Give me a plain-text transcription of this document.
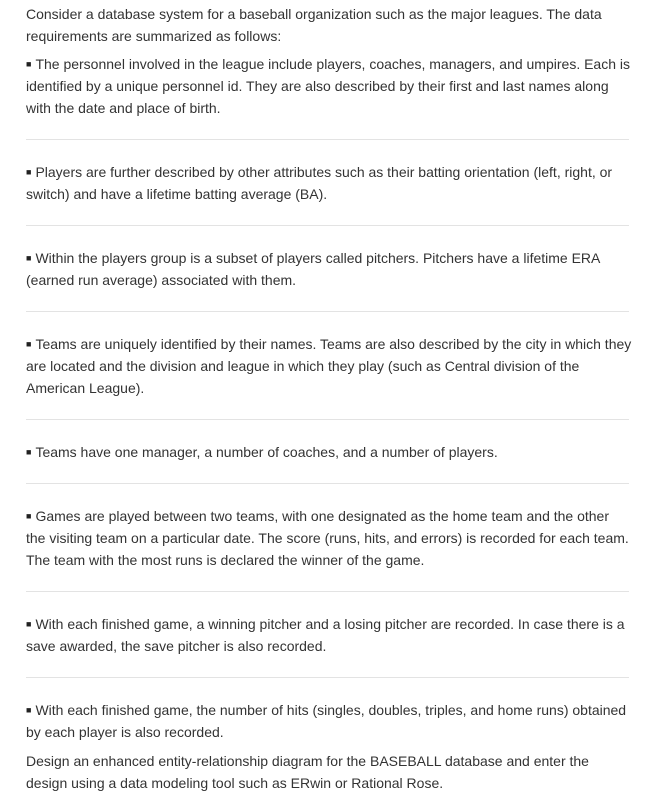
Consider a database system for a baseball organization such as the major leagues. The data requirements are summarized as follows:

■ The personnel involved in the league include players, coaches, managers, and umpires. Each is identified by a unique personnel id. They are also described by their first and last names along with the date and place of birth.

■ Players are further described by other attributes such as their batting orientation (left, right, or switch) and have a lifetime batting average (BA).

■ Within the players group is a subset of players called pitchers. Pitchers have a lifetime ERA (earned run average) associated with them.

■ Teams are uniquely identified by their names. Teams are also described by the city in which they are located and the division and league in which they play (such as Central division of the American League).

■ Teams have one manager, a number of coaches, and a number of players.

■ Games are played between two teams, with one designated as the home team and the other the visiting team on a particular date. The score (runs, hits, and errors) is recorded for each team. The team with the most runs is declared the winner of the game.

■ With each finished game, a winning pitcher and a losing pitcher are recorded. In case there is a save awarded, the save pitcher is also recorded.

■ With each finished game, the number of hits (singles, doubles, triples, and home runs) obtained by each player is also recorded.

Design an enhanced entity-relationship diagram for the BASEBALL database and enter the design using a data modeling tool such as ERwin or Rational Rose.
